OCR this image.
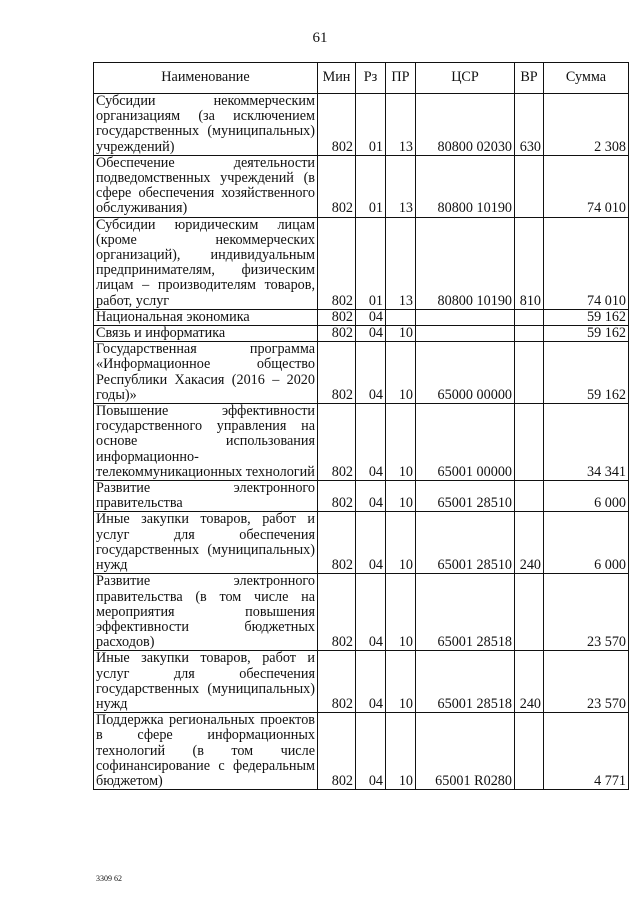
61
Наименование	Мин	Рз	ПР	ЦСР	ВР	Сумма
Субсидии некоммерческим организациям (за исключением государственных (муниципальных) учреждений)	802	01	13	80800 02030	630	2 308
Обеспечение деятельности подведомственных учреждений (в сфере обеспечения хозяйственного обслуживания)	802	01	13	80800 10190		74 010
Субсидии юридическим лицам (кроме некоммерческих организаций), индивидуальным предпринимателям, физическим лицам – производителям товаров, работ, услуг	802	01	13	80800 10190	810	74 010
Национальная экономика	802	04				59 162
Связь и информатика	802	04	10			59 162
Государственная программа «Информационное общество Республики Хакасия (2016 – 2020 годы)»	802	04	10	65000 00000		59 162
Повышение эффективности государственного управления на основе использования информационно-телекоммуникационных технологий	802	04	10	65001 00000		34 341
Развитие электронного правительства	802	04	10	65001 28510		6 000
Иные закупки товаров, работ и услуг для обеспечения государственных (муниципальных) нужд	802	04	10	65001 28510	240	6 000
Развитие электронного правительства (в том числе на мероприятия повышения эффективности бюджетных расходов)	802	04	10	65001 28518		23 570
Иные закупки товаров, работ и услуг для обеспечения государственных (муниципальных) нужд	802	04	10	65001 28518	240	23 570
Поддержка региональных проектов в сфере информационных технологий (в том числе софинансирование с федеральным бюджетом)	802	04	10	65001 R0280		4 771
3309 62
